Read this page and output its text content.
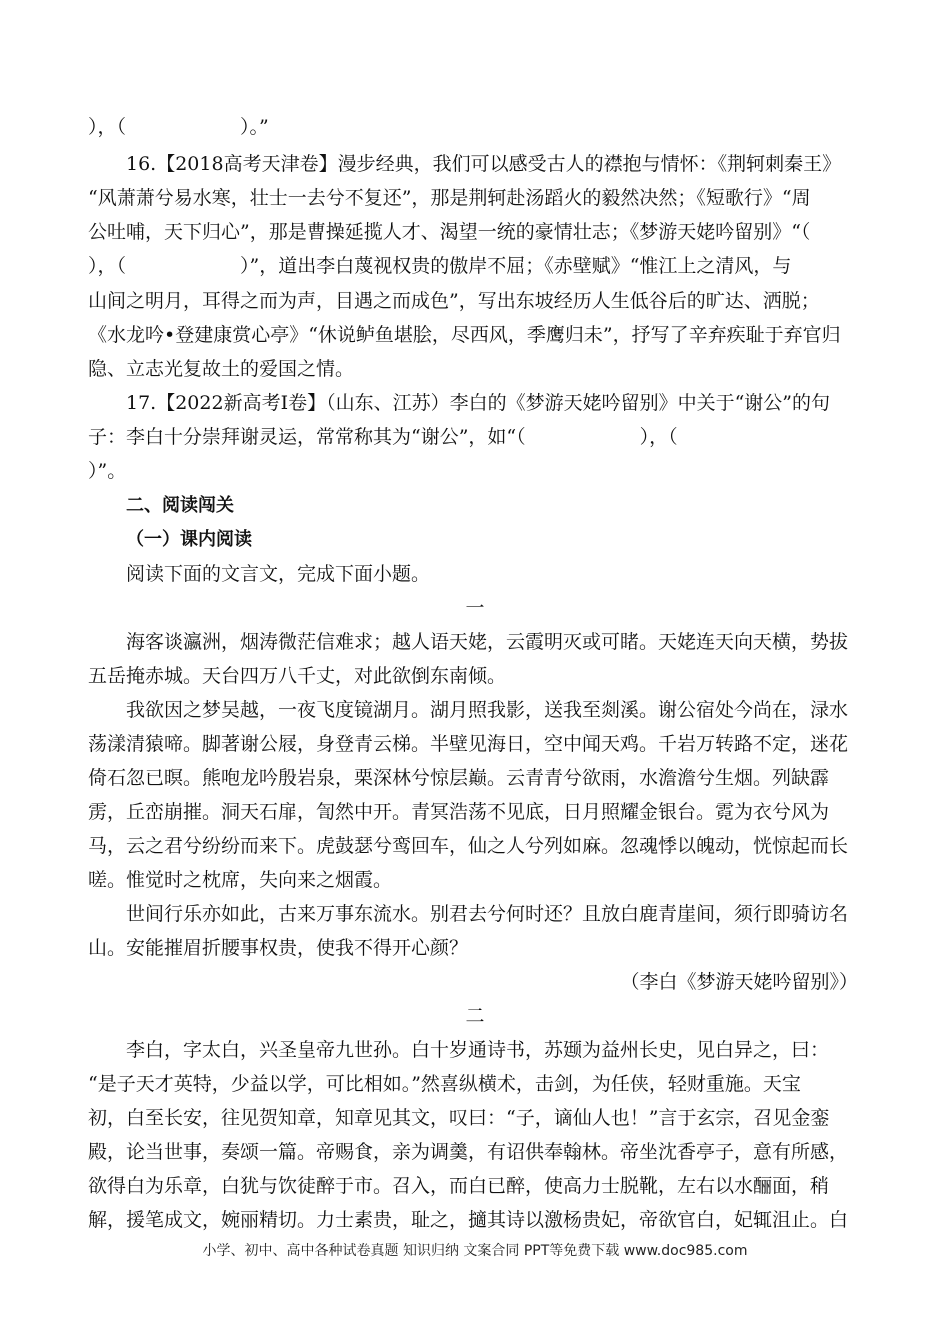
），（　　　　　　）。”
16.【2018高考天津卷】漫步经典，我们可以感受古人的襟抱与情怀：《荆轲刺秦王》
“风萧萧兮易水寒，壮士一去兮不复还”，那是荆轲赴汤蹈火的毅然决然；《短歌行》“周
公吐哺，天下归心”，那是曹操延揽人才、渴望一统的豪情壮志；《梦游天姥吟留别》“（
），（　　　　　　）”，道出李白蔑视权贵的傲岸不屈；《赤壁赋》“惟江上之清风，与
山间之明月，耳得之而为声，目遇之而成色”，写出东坡经历人生低谷后的旷达、洒脱；
《水龙吟•登建康赏心亭》“休说鲈鱼堪脍，尽西风，季鹰归未”，抒写了辛弃疾耻于弃官归
隐、立志光复故土的爱国之情。
17.【2022新高考Ⅰ卷】（山东、江苏）李白的《梦游天姥吟留别》中关于“谢公”的句
子：李白十分崇拜谢灵运，常常称其为“谢公”，如“（　　　　　　），（
）”。
二、阅读闯关
（一）课内阅读
阅读下面的文言文，完成下面小题。
一
海客谈瀛洲，烟涛微茫信难求；越人语天姥，云霞明灭或可睹。天姥连天向天横，势拔
五岳掩赤城。天台四万八千丈，对此欲倒东南倾。
我欲因之梦吴越，一夜飞度镜湖月。湖月照我影，送我至剡溪。谢公宿处今尚在，渌水
荡漾清猿啼。脚著谢公屐，身登青云梯。半壁见海日，空中闻天鸡。千岩万转路不定，迷花
倚石忽已暝。熊咆龙吟殷岩泉，栗深林兮惊层巅。云青青兮欲雨，水澹澹兮生烟。列缺霹
雳，丘峦崩摧。洞天石扉，訇然中开。青冥浩荡不见底，日月照耀金银台。霓为衣兮风为
马，云之君兮纷纷而来下。虎鼓瑟兮鸾回车，仙之人兮列如麻。忽魂悸以魄动，恍惊起而长
嗟。惟觉时之枕席，失向来之烟霞。
世间行乐亦如此，古来万事东流水。别君去兮何时还？且放白鹿青崖间，须行即骑访名
山。安能摧眉折腰事权贵，使我不得开心颜？
（李白《梦游天姥吟留别》）
二
李白，字太白，兴圣皇帝九世孙。白十岁通诗书，苏颋为益州长史，见白异之，曰：
“是子天才英特，少益以学，可比相如。”然喜纵横术，击剑，为任侠，轻财重施。天宝
初，白至长安，往见贺知章，知章见其文，叹曰：“子，谪仙人也！”言于玄宗，召见金銮
殿，论当世事，奏颂一篇。帝赐食，亲为调羹，有诏供奉翰林。帝坐沈香亭子，意有所感，
欲得白为乐章，白犹与饮徒醉于市。召入，而白已醉，使高力士脱靴，左右以水酾面，稍
解，援笔成文，婉丽精切。力士素贵，耻之，擿其诗以激杨贵妃，帝欲官白，妃辄沮止。白
小学、初中、高中各种试卷真题 知识归纳 文案合同 PPT等免费下载 www.doc985.com
